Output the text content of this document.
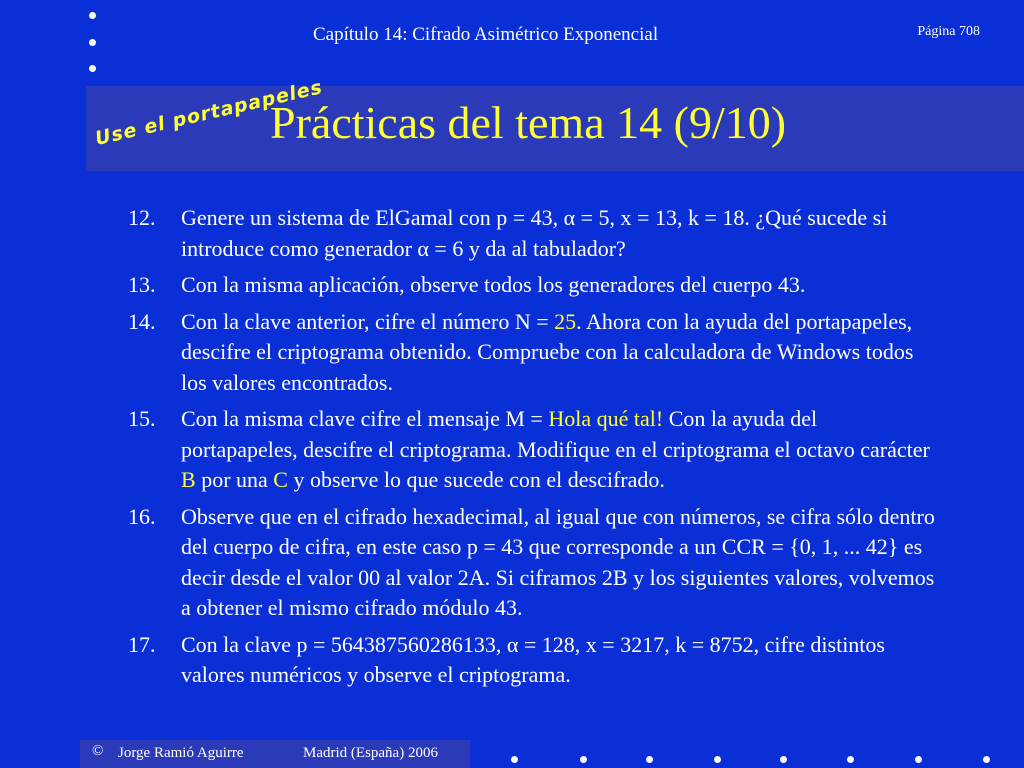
Capítulo 14: Cifrado Asimétrico Exponencial	Página 708
Use el portapapeles
Prácticas del tema 14 (9/10)
12.	Genere un sistema de ElGamal con p = 43, α = 5, x = 13, k = 18. ¿Qué sucede si introduce como generador α = 6 y da al tabulador?
13.	Con la misma aplicación, observe todos los generadores del cuerpo 43.
14.	Con la clave anterior, cifre el número N = 25. Ahora con la ayuda del portapapeles, descifre el criptograma obtenido. Compruebe con la calculadora de Windows todos los valores encontrados.
15.	Con la misma clave cifre el mensaje M = Hola qué tal! Con la ayuda del portapapeles, descifre el criptograma. Modifique en el criptograma el octavo carácter B por una C y observe lo que sucede con el descifrado.
16.	Observe que en el cifrado hexadecimal, al igual que con números, se cifra sólo dentro del cuerpo de cifra, en este caso p = 43 que corresponde a un CCR = {0, 1, ... 42} es decir desde el valor 00 al valor 2A. Si ciframos 2B y los siguientes valores, volvemos a obtener el mismo cifrado módulo 43.
17.	Con la clave p = 564387560286133, α = 128, x = 3217, k = 8752, cifre distintos valores numéricos y observe el criptograma.
© Jorge Ramió Aguirre	Madrid (España) 2006
